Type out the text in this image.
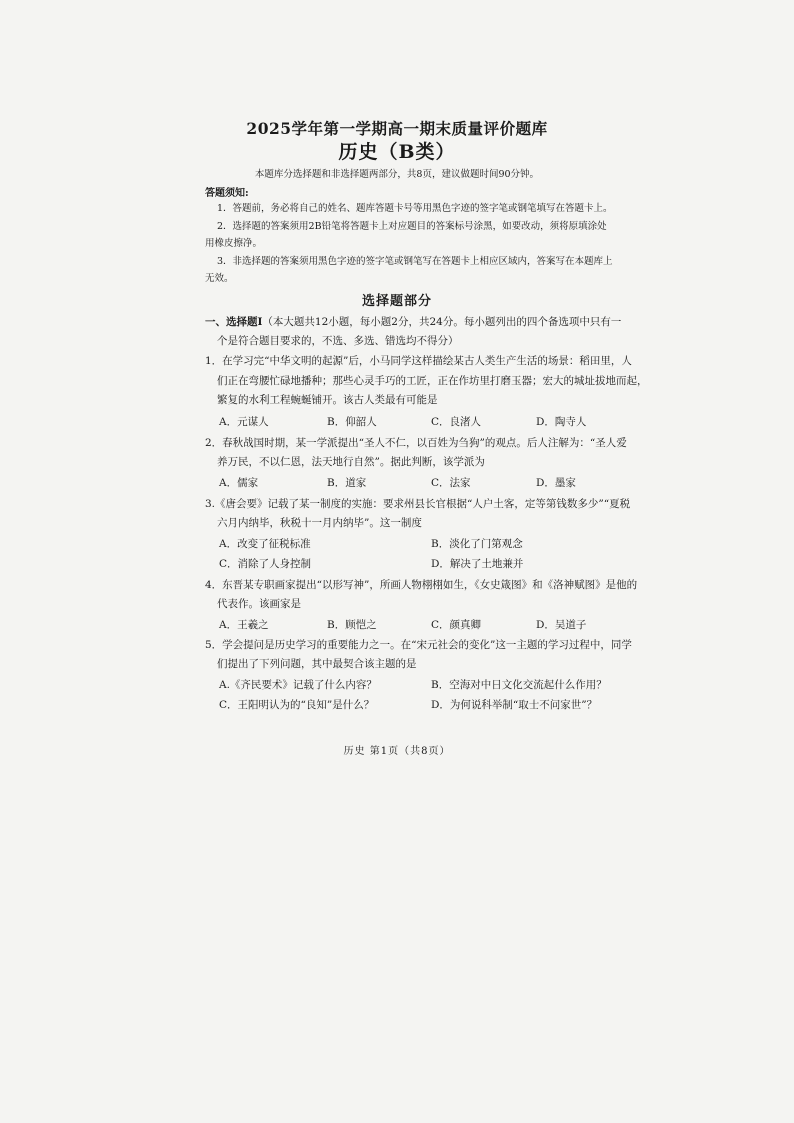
2025学年第一学期高一期末质量评价题库
历史（B类）
本题库分选择题和非选择题两部分，共8页，建议做题时间90分钟。
答题须知:
1．答题前，务必将自己的姓名、题库答题卡号等用黑色字迹的签字笔或钢笔填写在答题卡上。
2．选择题的答案须用2B铅笔将答题卡上对应题目的答案标号涂黑，如要改动，须将原填涂处
用橡皮擦净。
3．非选择题的答案须用黑色字迹的签字笔或钢笔写在答题卡上相应区域内，答案写在本题库上
无效。
选择题部分
一、选择题Ⅰ（本大题共12小题，每小题2分，共24分。每小题列出的四个备选项中只有一
个是符合题目要求的，不选、多选、错选均不得分）
1．在学习完“中华文明的起源”后，小马同学这样描绘某古人类生产生活的场景：稻田里，人
们正在弯腰忙碌地播种；那些心灵手巧的工匠，正在作坊里打磨玉器；宏大的城址拔地而起，
繁复的水利工程蜿蜒铺开。该古人类最有可能是
A．元谋人	B．仰韶人	C．良渚人	D．陶寺人
2．春秋战国时期，某一学派提出“圣人不仁，以百姓为刍狗”的观点。后人注解为：“圣人爱
养万民，不以仁恩，法天地行自然”。据此判断，该学派为
A．儒家	B．道家	C．法家	D．墨家
3.《唐会要》记载了某一制度的实施：要求州县长官根据“人户土客，定等第钱数多少”“夏税
六月内纳毕，秋税十一月内纳毕”。这一制度
A．改变了征税标准	B．淡化了门第观念
C．消除了人身控制	D．解决了土地兼并
4．东晋某专职画家提出“以形写神”，所画人物栩栩如生，《女史箴图》和《洛神赋图》是他的
代表作。该画家是
A．王羲之	B．顾恺之	C．颜真卿	D．吴道子
5．学会提问是历史学习的重要能力之一。在“宋元社会的变化”这一主题的学习过程中，同学
们提出了下列问题，其中最契合该主题的是
A.《齐民要术》记载了什么内容？	B．空海对中日文化交流起什么作用？
C．王阳明认为的“良知”是什么？	D．为何说科举制“取士不问家世”？
历史 第1页（共8页）
